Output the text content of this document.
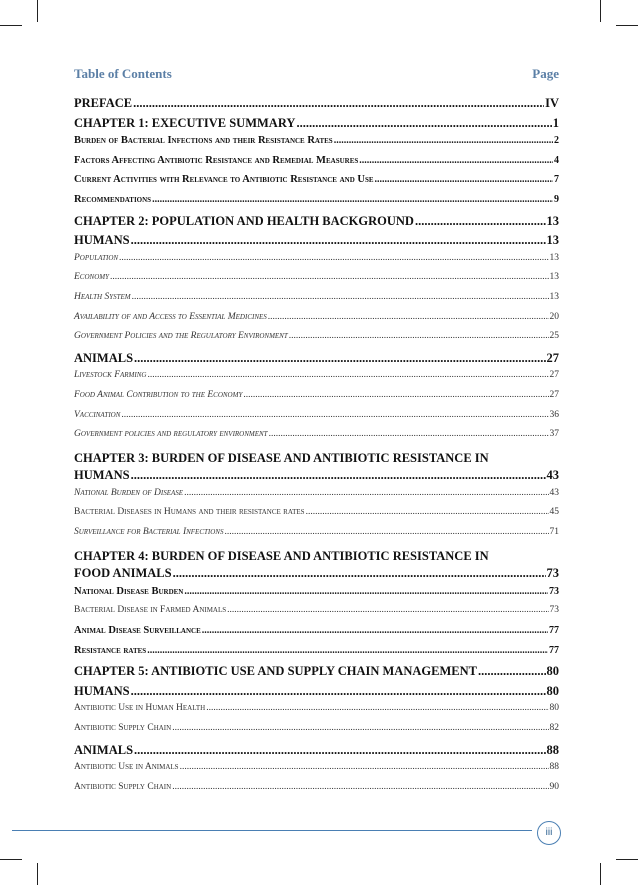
Table of Contents	Page
PREFACE .....	IV
CHAPTER 1: EXECUTIVE SUMMARY .....	1
Burden of Bacterial Infections and their Resistance Rates .....	2
Factors Affecting Antibiotic Resistance and Remedial Measures .....	4
Current Activities with Relevance to Antibiotic Resistance and Use .....	7
Recommendations .....	9
CHAPTER 2: POPULATION AND HEALTH BACKGROUND .....	13
HUMANS .....	13
Population .....	13
Economy .....	13
Health System .....	13
Availability of and Access to Essential Medicines .....	20
Government Policies and the Regulatory Environment .....	25
ANIMALS .....	27
Livestock Farming .....	27
Food Animal Contribution to the Economy .....	27
Vaccination .....	36
Government policies and regulatory environment .....	37
CHAPTER 3: BURDEN OF DISEASE AND ANTIBIOTIC RESISTANCE IN
HUMANS .....	43
National Burden of Disease .....	43
Bacterial Diseases in Humans and their resistance rates .....	45
Surveillance for Bacterial Infections .....	71
CHAPTER 4: BURDEN OF DISEASE AND ANTIBIOTIC RESISTANCE IN
FOOD ANIMALS .....	73
National Disease Burden .....	73
Bacterial Disease in Farmed Animals .....	73
Animal Disease Surveillance .....	77
Resistance rates .....	77
CHAPTER 5: ANTIBIOTIC USE AND SUPPLY CHAIN MANAGEMENT .....	80
HUMANS .....	80
Antibiotic Use in Human Health .....	80
Antibiotic Supply Chain .....	82
ANIMALS .....	88
Antibiotic Use in Animals .....	88
Antibiotic Supply Chain .....	90
iii
